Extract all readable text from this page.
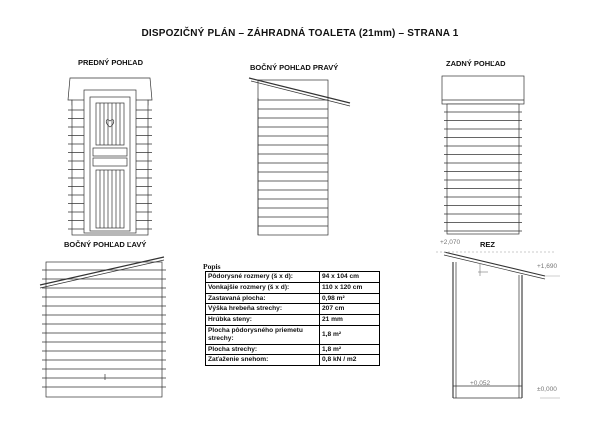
DISPOZIČNÝ PLÁN – ZÁHRADNÁ TOALETA (21mm) – STRANA 1
PREDNÝ POHĽAD
BOČNÝ POHĽAD PRAVÝ	ZADNÝ POHĽAD
BOČNÝ POHĽAD ĽAVÝ	REZ
+2,070
+1,690
+0,052
±0,000
Popis
Pôdorysné rozmery (š x d):	94 x 104 cm
Vonkajšie rozmery (š x d):	110 x 120 cm
Zastavaná plocha:	0,98 m²
Výška hrebeňa strechy:	207 cm
Hrúbka steny:	21 mm
Plocha pôdorysného priemetu strechy:	1,8 m²
Plocha strechy:	1,8 m²
Zaťaženie snehom:	0,8 kN / m2
